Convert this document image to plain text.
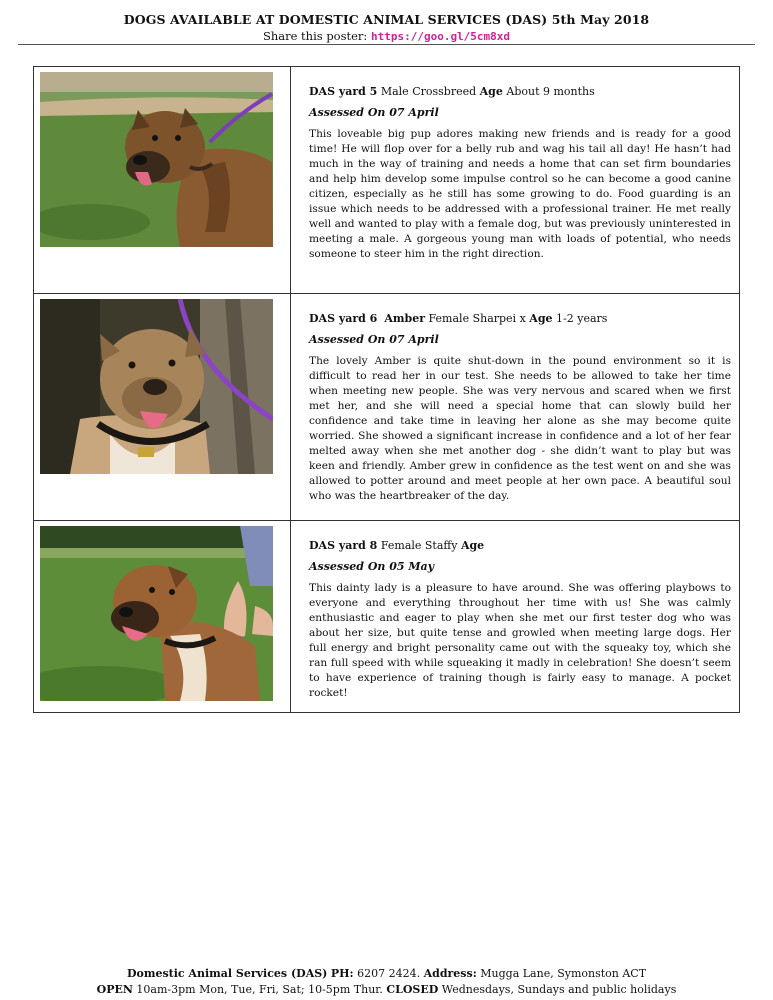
DOGS AVAILABLE AT DOMESTIC ANIMAL SERVICES (DAS) 5th May 2018
Share this poster: https://goo.gl/5cm8xd

DAS yard 5 Male Crossbreed Age About 9 months
Assessed On 07 April

This loveable big pup adores making new friends and is ready for a good time! He will flop over for a belly rub and wag his tail all day! He hasn’t had much in the way of training and needs a home that can set firm boundaries and help him develop some impulse control so he can become a good canine citizen, especially as he still has some growing to do. Food guarding is an issue which needs to be addressed with a professional trainer. He met really well and wanted to play with a female dog, but was previously uninterested in meeting a male. A gorgeous young man with loads of potential, who needs someone to steer him in the right direction.

DAS yard 6 Amber Female Sharpei x Age 1-2 years
Assessed On 07 April

The lovely Amber is quite shut-down in the pound environment so it is difficult to read her in our test. She needs to be allowed to take her time when meeting new people. She was very nervous and scared when we first met her, and she will need a special home that can slowly build her confidence and take time in leaving her alone as she may become quite worried. She showed a significant increase in confidence and a lot of her fear melted away when she met another dog - she didn’t want to play but was keen and friendly. Amber grew in confidence as the test went on and she was allowed to potter around and meet people at her own pace. A beautiful soul who was the heartbreaker of the day.

DAS yard 8 Female Staffy Age
Assessed On 05 May

This dainty lady is a pleasure to have around. She was offering playbows to everyone and everything throughout her time with us! She was calmly enthusiastic and eager to play when she met our first tester dog who was about her size, but quite tense and growled when meeting large dogs. Her full energy and bright personality came out with the squeaky toy, which she ran full speed with while squeaking it madly in celebration! She doesn’t seem to have experience of training though is fairly easy to manage. A pocket rocket!

Domestic Animal Services (DAS) PH: 6207 2424. Address: Mugga Lane, Symonston ACT
OPEN 10am-3pm Mon, Tue, Fri, Sat; 10-5pm Thur. CLOSED Wednesdays, Sundays and public holidays
